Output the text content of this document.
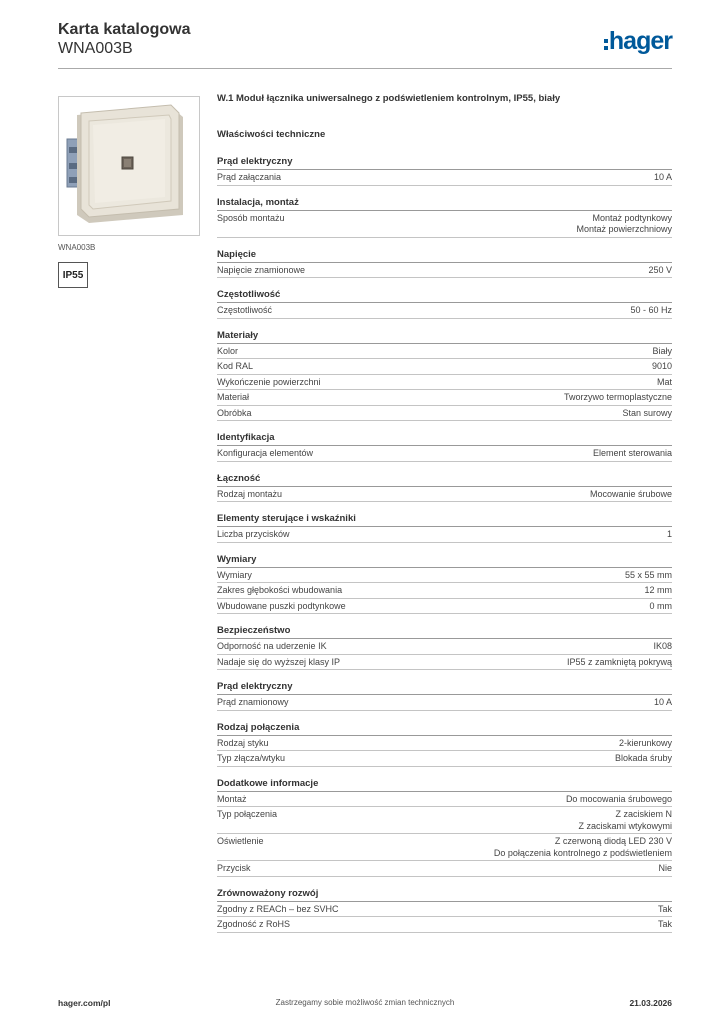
Karta katalogowa
WNA003B	hager
WNA003B
IP55
W.1 Moduł łącznika uniwersalnego z podświetleniem kontrolnym, IP55, biały
Właściwości techniczne
Prąd elektryczny
Prąd załączania	10 A
Instalacja, montaż
Sposób montażu	Montaż podtynkowy
Montaż powierzchniowy
Napięcie
Napięcie znamionowe	250 V
Częstotliwość
Częstotliwość	50 - 60 Hz
Materiały
Kolor	Biały
Kod RAL	9010
Wykończenie powierzchni	Mat
Materiał	Tworzywo termoplastyczne
Obróbka	Stan surowy
Identyfikacja
Konfiguracja elementów	Element sterowania
Łączność
Rodzaj montażu	Mocowanie śrubowe
Elementy sterujące i wskaźniki
Liczba przycisków	1
Wymiary
Wymiary	55 x 55 mm
Zakres głębokości wbudowania	12 mm
Wbudowane puszki podtynkowe	0 mm
Bezpieczeństwo
Odporność na uderzenie IK	IK08
Nadaje się do wyższej klasy IP	IP55 z zamkniętą pokrywą
Prąd elektryczny
Prąd znamionowy	10 A
Rodzaj połączenia
Rodzaj styku	2-kierunkowy
Typ złącza/wtyku	Blokada śruby
Dodatkowe informacje
Montaż	Do mocowania śrubowego
Typ połączenia	Z zaciskiem N
Z zaciskami wtykowymi
Oświetlenie	Z czerwoną diodą LED 230 V
Do połączenia kontrolnego z podświetleniem
Przycisk	Nie
Zrównoważony rozwój
Zgodny z REACh – bez SVHC	Tak
Zgodność z RoHS	Tak
hager.com/pl	Zastrzegamy sobie możliwość zmian technicznych	21.03.2026
